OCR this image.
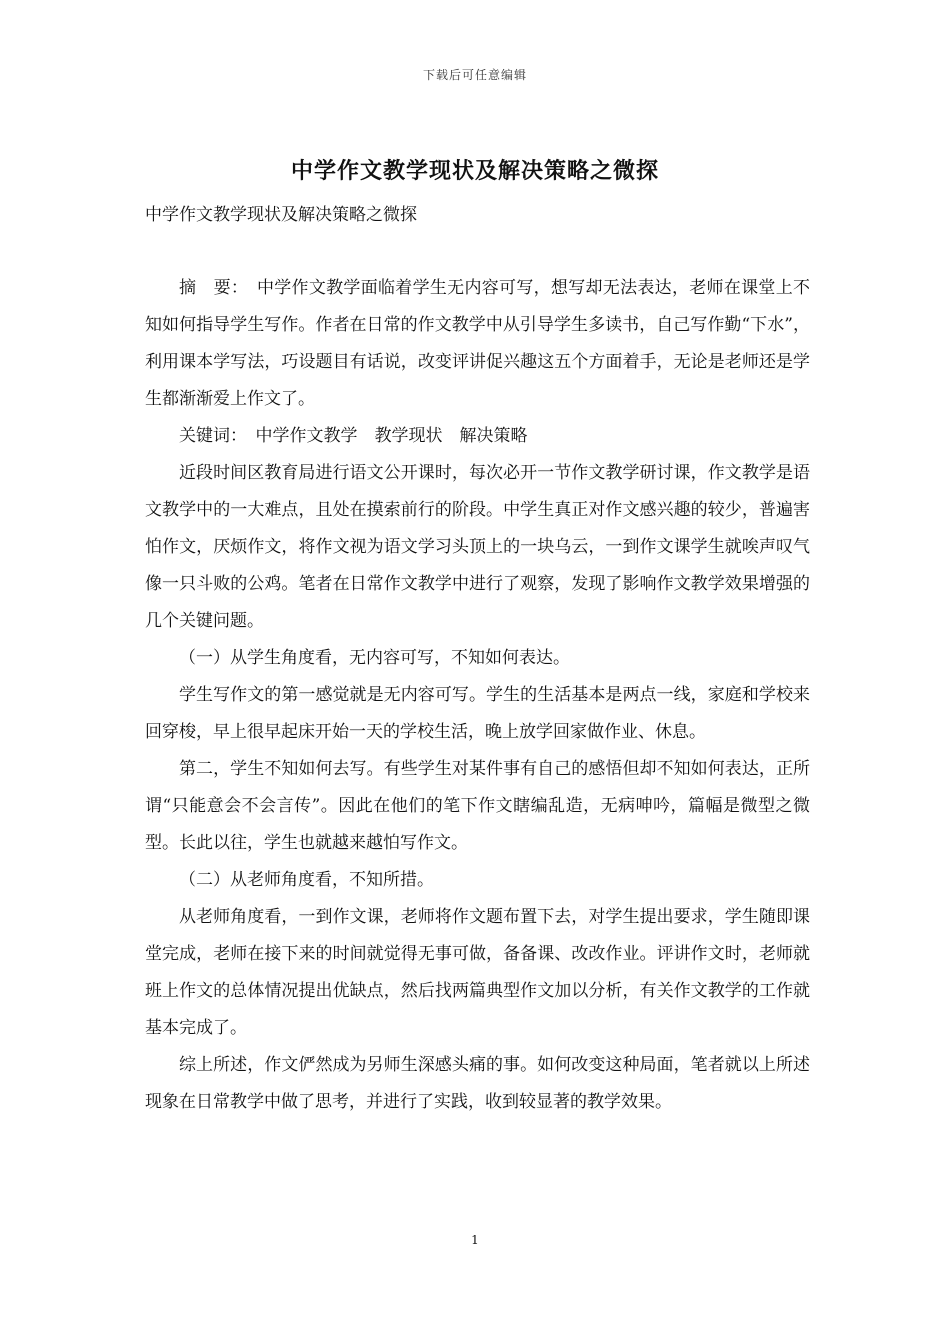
下载后可任意编辑
中学作文教学现状及解决策略之微探
中学作文教学现状及解决策略之微探

摘　要：　中学作文教学面临着学生无内容可写，想写却无法表达，老师在课堂上不知如何指导学生写作。作者在日常的作文教学中从引导学生多读书，自己写作勤“下水”，利用课本学写法，巧设题目有话说，改变评讲促兴趣这五个方面着手，无论是老师还是学生都渐渐爱上作文了。

关键词：　中学作文教学　教学现状　解决策略

近段时间区教育局进行语文公开课时，每次必开一节作文教学研讨课，作文教学是语文教学中的一大难点，且处在摸索前行的阶段。中学生真正对作文感兴趣的较少，普遍害怕作文，厌烦作文，将作文视为语文学习头顶上的一块乌云，一到作文课学生就唉声叹气像一只斗败的公鸡。笔者在日常作文教学中进行了观察，发现了影响作文教学效果增强的几个关键问题。

（一）从学生角度看，无内容可写，不知如何表达。

学生写作文的第一感觉就是无内容可写。学生的生活基本是两点一线，家庭和学校来回穿梭，早上很早起床开始一天的学校生活，晚上放学回家做作业、休息。

第二，学生不知如何去写。有些学生对某件事有自己的感悟但却不知如何表达，正所谓“只能意会不会言传”。因此在他们的笔下作文瞎编乱造，无病呻吟，篇幅是微型之微型。长此以往，学生也就越来越怕写作文。

（二）从老师角度看，不知所措。

从老师角度看，一到作文课，老师将作文题布置下去，对学生提出要求，学生随即课堂完成，老师在接下来的时间就觉得无事可做，备备课、改改作业。评讲作文时，老师就班上作文的总体情况提出优缺点，然后找两篇典型作文加以分析，有关作文教学的工作就基本完成了。

综上所述，作文俨然成为另师生深感头痛的事。如何改变这种局面，笔者就以上所述现象在日常教学中做了思考，并进行了实践，收到较显著的教学效果。

1
